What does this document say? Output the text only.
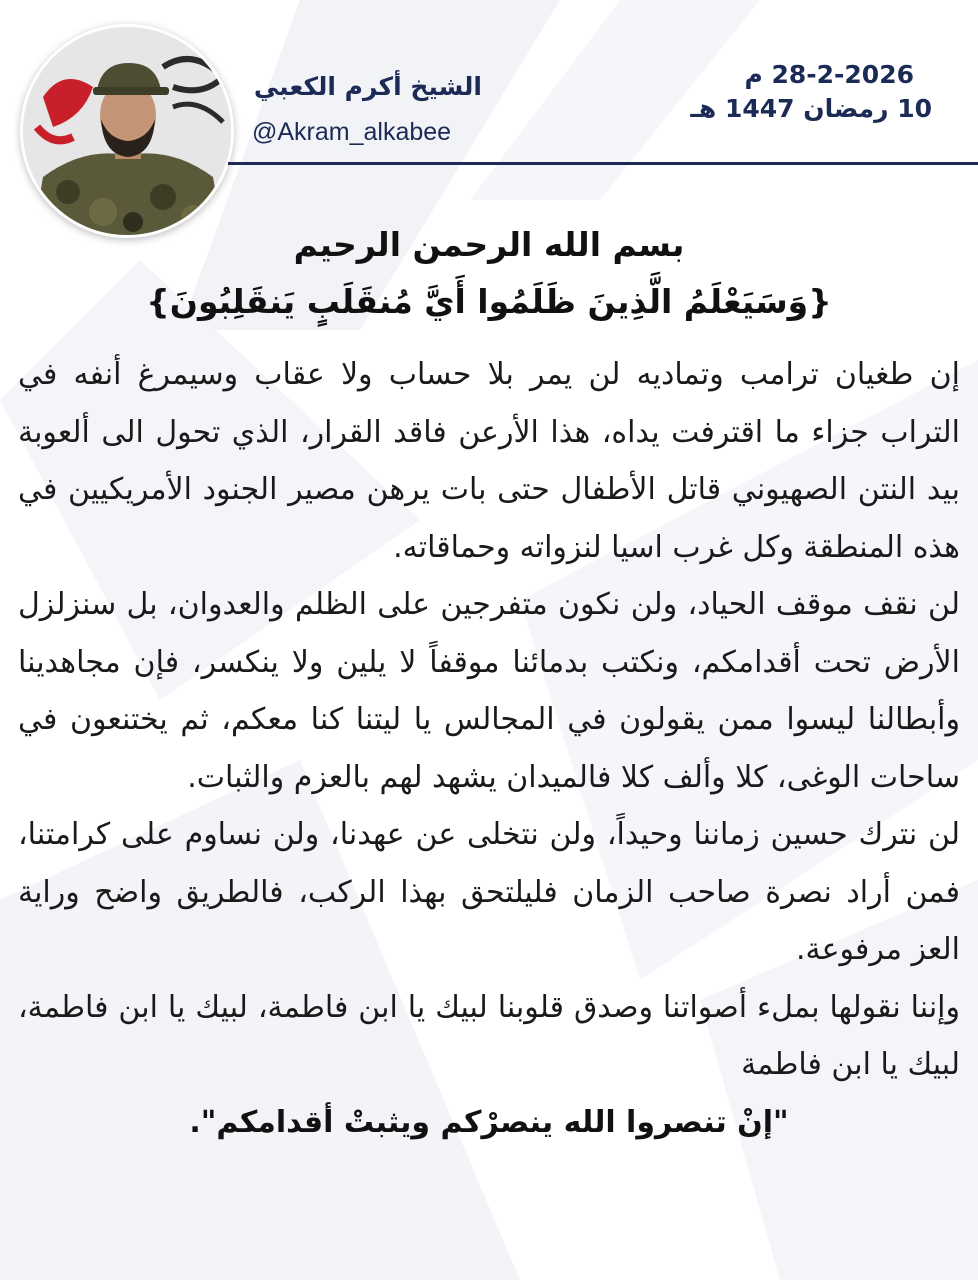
الشيخ أكرم الكعبي
@Akram_alkabee
28-2-2026 م
10 رمضان 1447 هـ

بسم الله الرحمن الرحيم

{وَسَيَعْلَمُ الَّذِينَ ظَلَمُوا أَيَّ مُنقَلَبٍ يَنقَلِبُونَ}

إن طغيان ترامب وتماديه لن يمر بلا حساب ولا عقاب وسيمرغ أنفه في التراب جزاء ما اقترفت يداه، هذا الأرعن فاقد القرار، الذي تحول الى ألعوبة بيد النتن الصهيوني قاتل الأطفال حتى بات يرهن مصير الجنود الأمريكيين في هذه المنطقة وكل غرب اسيا لنزواته وحماقاته.

لن نقف موقف الحياد، ولن نكون متفرجين على الظلم والعدوان، بل سنزلزل الأرض تحت أقدامكم، ونكتب بدمائنا موقفاً لا يلين ولا ينكسر، فإن مجاهدينا وأبطالنا ليسوا ممن يقولون في المجالس يا ليتنا كنا معكم، ثم يختنعون في ساحات الوغى، كلا وألف كلا فالميدان يشهد لهم بالعزم والثبات.

لن نترك حسين زماننا وحيداً، ولن نتخلى عن عهدنا، ولن نساوم على كرامتنا، فمن أراد نصرة صاحب الزمان فليلتحق بهذا الركب، فالطريق واضح وراية العز مرفوعة.

وإننا نقولها بملء أصواتنا وصدق قلوبنا لبيك يا ابن فاطمة، لبيك يا ابن فاطمة، لبيك يا ابن فاطمة

"إنْ تنصروا الله ينصرْكم ويثبتْ أقدامكم".
